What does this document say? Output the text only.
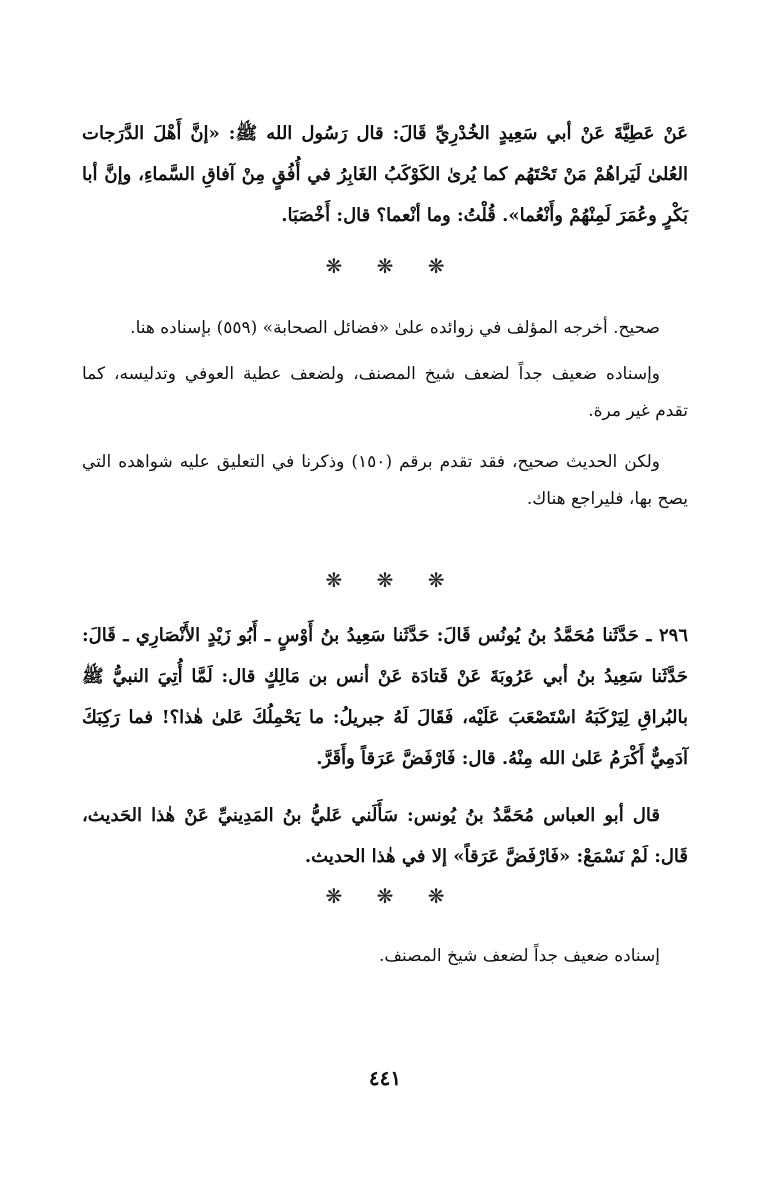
عَنْ عَطِيَّةَ عَنْ أبي سَعِيدٍ الخُدْرِيِّ قَالَ: قال رَسُول الله ﷺ: «إنَّ أَهْلَ الدَّرَجات العُلىٰ لَيَراهُمْ مَنْ تَحْتَهُم كما يُرىٰ الكَوْكَبُ الغَابِرُ في أُفُقٍ مِنْ آفاقِ السَّماءِ، وإنَّ أبا بَكْرٍ وعُمَرَ لَمِنْهُمْ وأَنْعُما». قُلْتُ: وما أنْعما؟ قال: أَخْصَبَا.

❋ ❋ ❋

صحيح. أخرجه المؤلف في زوائده علىٰ «فضائل الصحابة» (٥٥٩) بإسناده هنا.

وإسناده ضعيف جداً لضعف شيخ المصنف، ولضعف عطية العوفي وتدليسه، كما تقدم غير مرة.

ولكن الحديث صحيح، فقد تقدم برقم (١٥٠) وذكرنا في التعليق عليه شواهده التي يصح بها، فليراجع هناك.

❋ ❋ ❋

٢٩٦ ـ حَدَّثَنا مُحَمَّدُ بنُ يُونُس قَالَ: حَدَّثَنا سَعِيدُ بنُ أَوْسٍ ـ أَبُو زَيْدٍ الأَنْصَارِي ـ قَالَ: حَدَّثَنا سَعِيدُ بنُ أبي عَرُوبَةَ عَنْ قَتادَة عَنْ أنس بن مَالِكٍ قال: لَمَّا أُتِيَ النبيُّ ﷺ بالبُراقِ لِيَرْكَبَهُ اسْتَصْعَبَ عَلَيْه، فَقَالَ لَهُ جبريلُ: ما يَحْمِلُكَ عَلىٰ هٰذا؟! فما رَكِبَكَ آدَمِيٌّ أَكْرَمُ عَلىٰ الله مِنْهُ. قال: فَارْفَضَّ عَرَقاً وأَقَرَّ.

قال أبو العباس مُحَمَّدُ بنُ يُونس: سَأَلَني عَليُّ بنُ المَدِينيِّ عَنْ هٰذا الحَديث، قَال: لَمْ نَسْمَعْ: «فَارْفَضَّ عَرَقاً» إلا في هٰذا الحديث.

❋ ❋ ❋

إسناده ضعيف جداً لضعف شيخ المصنف.

٤٤١
